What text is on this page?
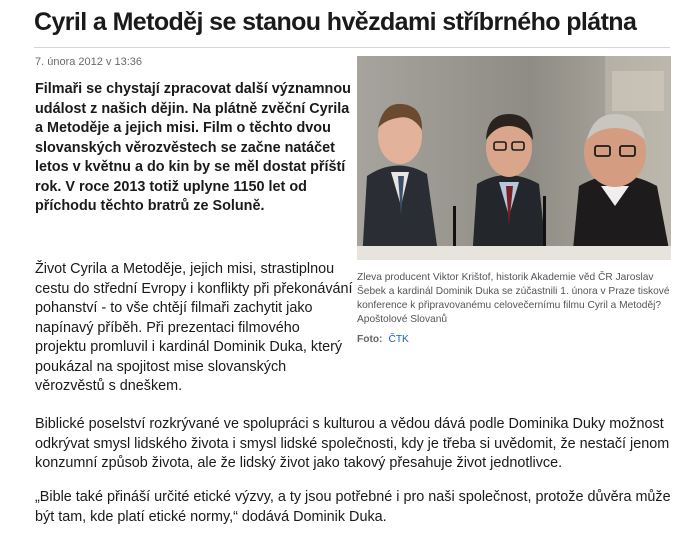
Cyril a Metoděj se stanou hvězdami stříbrného plátna
7. února 2012 v 13:36

Filmaři se chystají zpracovat další významnou událost z našich dějin. Na plátně zvěční Cyrila a Metoděje a jejich misi. Film o těchto dvou slovanských věrozvěstech se začne natáčet letos v květnu a do kin by se měl dostat příští rok. V roce 2013 totiž uplyne 1150 let od příchodu těchto bratrů ze Soluně.

Život Cyrila a Metoděje, jejich misi, strastiplnou cestu do střední Evropy i konflikty při překonávání pohanství - to vše chtějí filmaři zachytit jako napínavý příběh. Při prezentaci filmového projektu promluvil i kardinál Dominik Duka, který poukázal na spojitost mise slovanských věrozvěstů s dneškem.

Zleva producent Viktor Krištof, historik Akademie věd ČR Jaroslav Šebek a kardinál Dominik Duka se zúčastnili 1. února v Praze tiskové konference k připravovanému celovečernímu filmu Cyril a Metoděj? Apoštolové Slovanů

Foto: ČTK

Biblické poselství rozkrývané ve spolupráci s kulturou a vědou dává podle Dominika Duky možnost odkrývat smysl lidského života i smysl lidské společnosti, kdy je třeba si uvědomit, že nestačí jenom konzumní způsob života, ale že lidský život jako takový přesahuje život jednotlivce.

„Bible také přináší určité etické výzvy, a ty jsou potřebné i pro naši společnost, protože důvěra může být tam, kde platí etické normy,“ dodává Dominik Duka.
